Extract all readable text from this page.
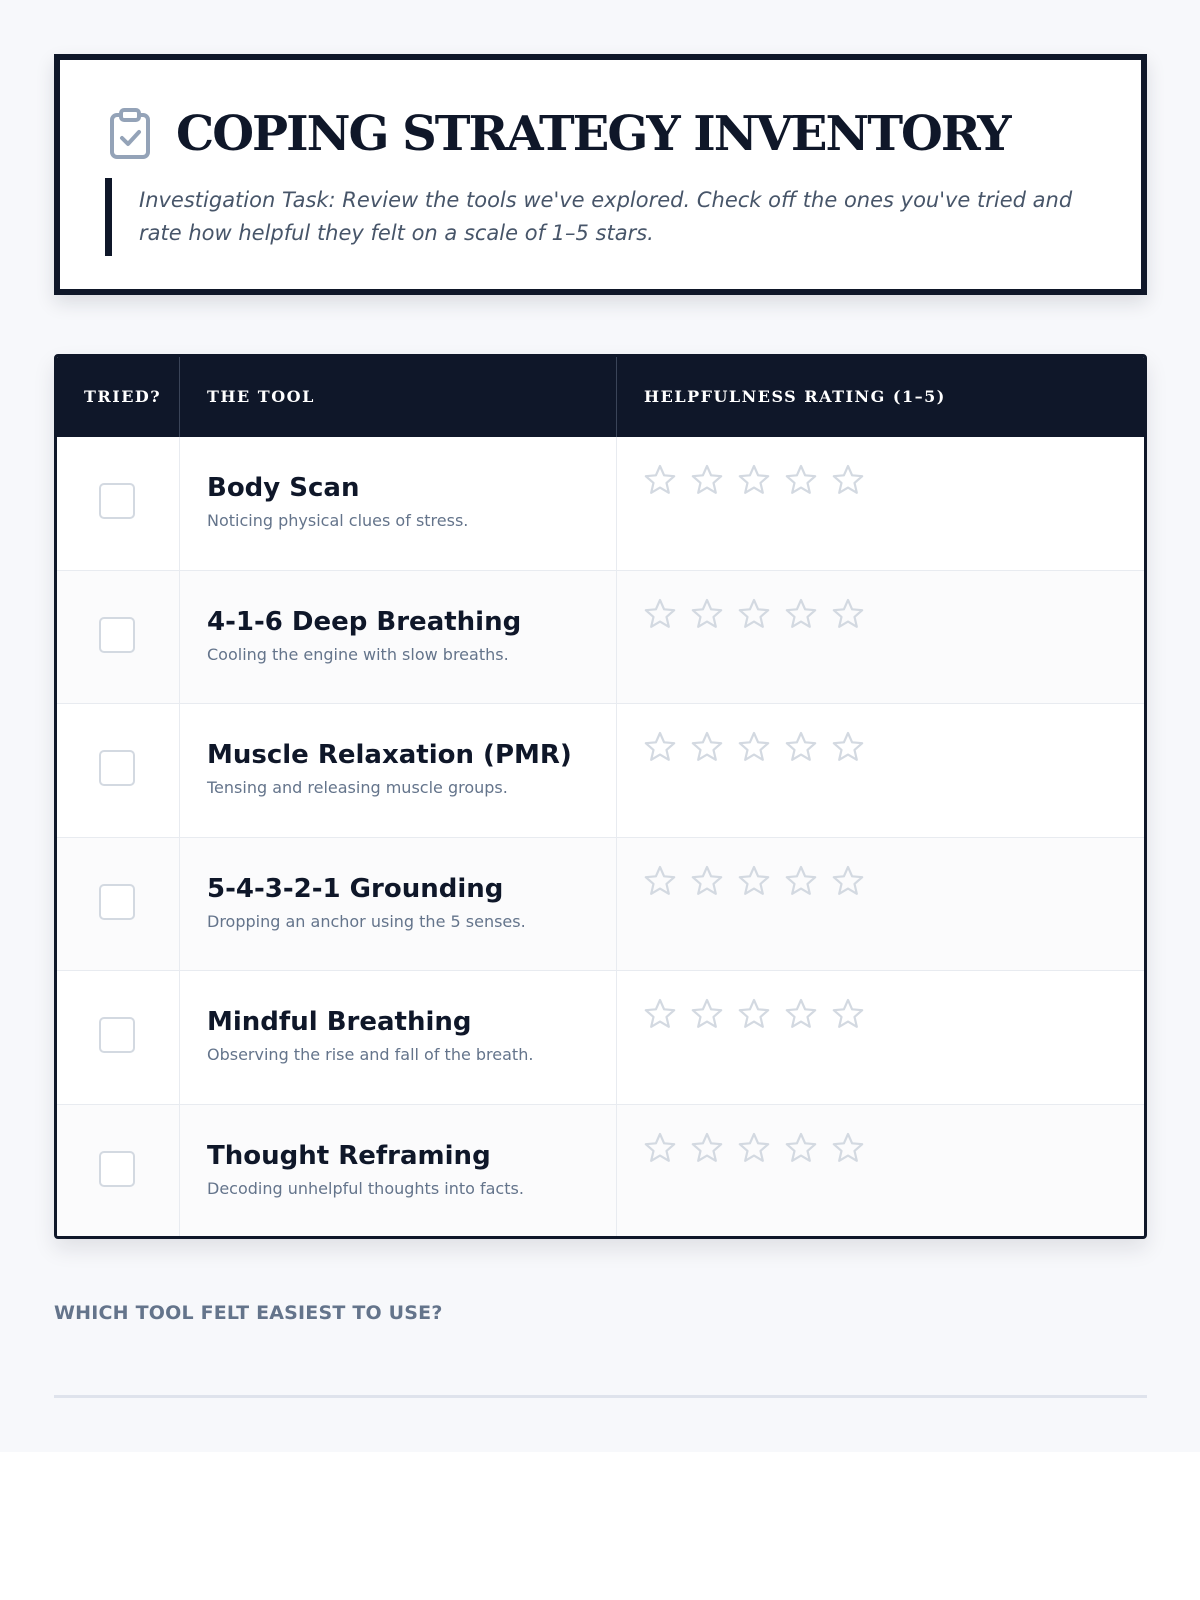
COPING STRATEGY INVENTORY
Investigation Task: Review the tools we've explored. Check off the ones you've tried and rate how helpful they felt on a scale of 1–5 stars.
TRIED?	THE TOOL	HELPFULNESS RATING (1–5)
Body Scan
Noticing physical clues of stress.
4-1-6 Deep Breathing
Cooling the engine with slow breaths.
Muscle Relaxation (PMR)
Tensing and releasing muscle groups.
5-4-3-2-1 Grounding
Dropping an anchor using the 5 senses.
Mindful Breathing
Observing the rise and fall of the breath.
Thought Reframing
Decoding unhelpful thoughts into facts.
WHICH TOOL FELT EASIEST TO USE?
